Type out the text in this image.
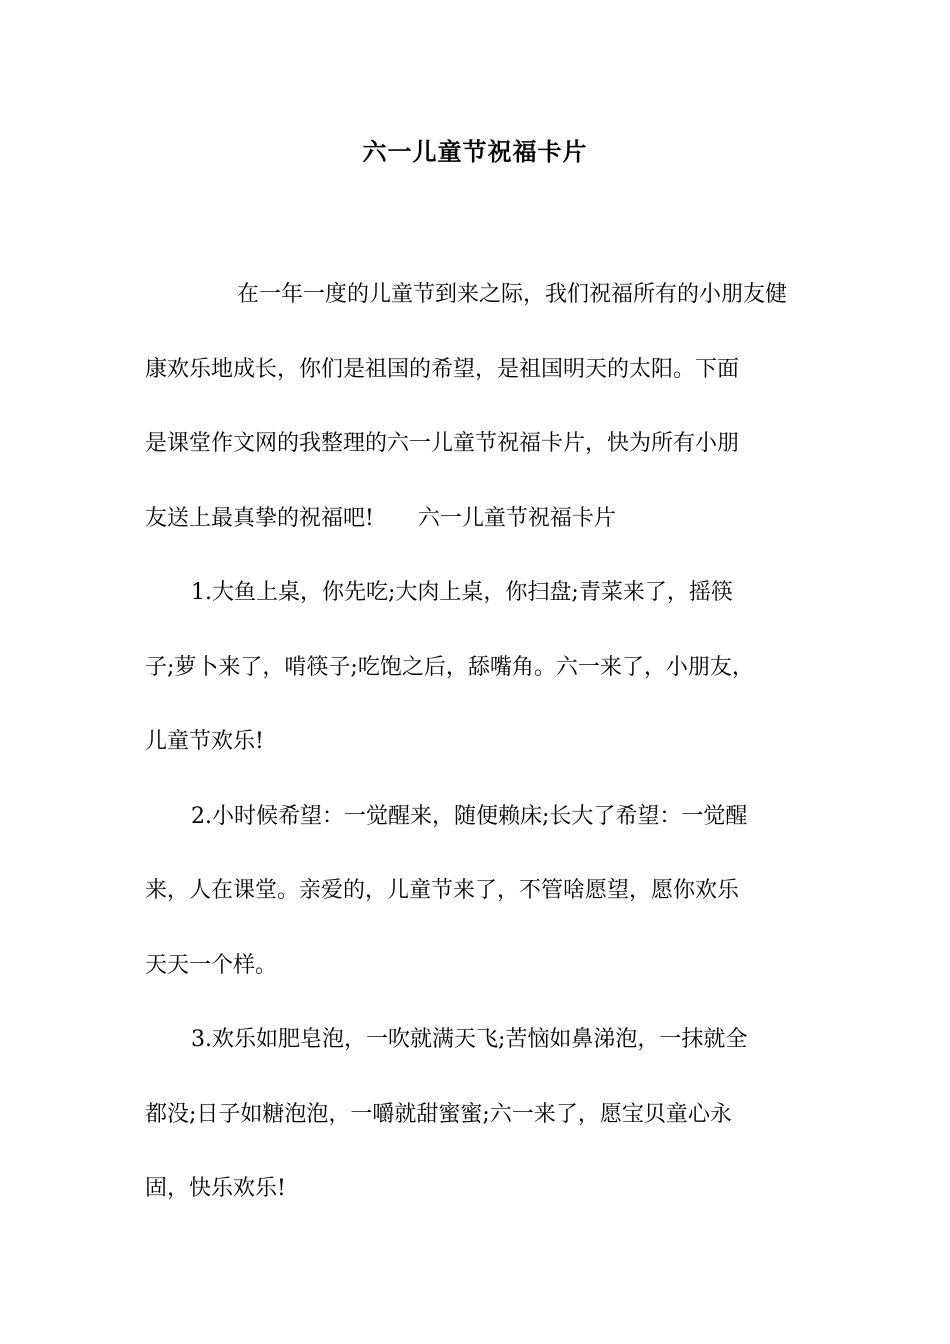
六一儿童节祝福卡片
在一年一度的儿童节到来之际，我们祝福所有的小朋友健
康欢乐地成长，你们是祖国的希望，是祖国明天的太阳。下面
是课堂作文网的我整理的六一儿童节祝福卡片，快为所有小朋
友送上最真挚的祝福吧! 六一儿童节祝福卡片
1.大鱼上桌，你先吃;大肉上桌，你扫盘;青菜来了，摇筷
子;萝卜来了，啃筷子;吃饱之后，舔嘴角。六一来了，小朋友，
儿童节欢乐!
2.小时候希望：一觉醒来，随便赖床;长大了希望：一觉醒
来，人在课堂。亲爱的，儿童节来了，不管啥愿望，愿你欢乐
天天一个样。
3.欢乐如肥皂泡，一吹就满天飞;苦恼如鼻涕泡，一抹就全
都没;日子如糖泡泡，一嚼就甜蜜蜜;六一来了，愿宝贝童心永
固，快乐欢乐!
